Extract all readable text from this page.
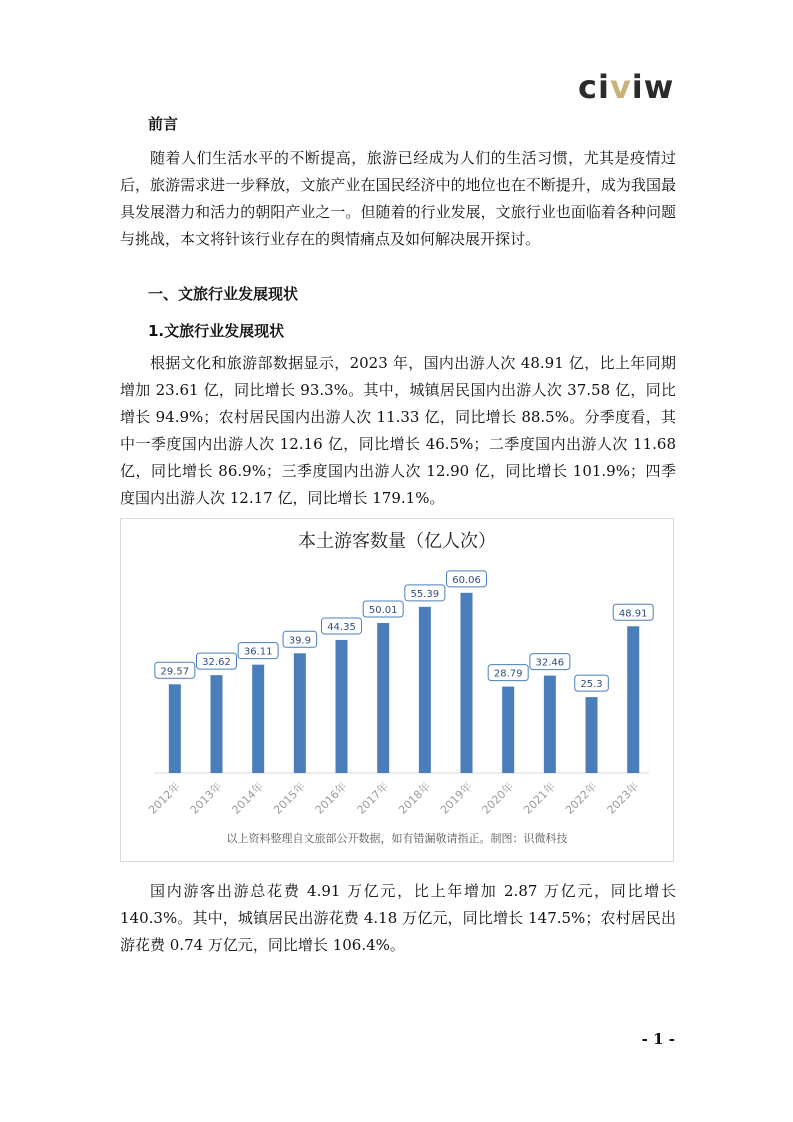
civiw
前言
随着人们生活水平的不断提高，旅游已经成为人们的生活习惯，尤其是疫情过后，旅游需求进一步释放，文旅产业在国民经济中的地位也在不断提升，成为我国最具发展潜力和活力的朝阳产业之一。但随着的行业发展，文旅行业也面临着各种问题与挑战，本文将针该行业存在的舆情痛点及如何解决展开探讨。
一、文旅行业发展现状
1.文旅行业发展现状
根据文化和旅游部数据显示，2023 年，国内出游人次 48.91 亿，比上年同期增加 23.61 亿，同比增长 93.3%。其中，城镇居民国内出游人次 37.58 亿，同比增长 94.9%；农村居民国内出游人次 11.33 亿，同比增长 88.5%。分季度看，其中一季度国内出游人次 12.16 亿，同比增长 46.5%；二季度国内出游人次 11.68 亿，同比增长 86.9%；三季度国内出游人次 12.90 亿，同比增长 101.9%；四季度国内出游人次 12.17 亿，同比增长 179.1%。
本土游客数量（亿人次）
29.57
2012年
32.62
2013年
36.11
2014年
39.9
2015年
44.35
2016年
50.01
2017年
55.39
2018年
60.06
2019年
28.79
2020年
32.46
2021年
25.3
2022年
48.91
2023年
以上资料整理自文旅部公开数据，如有错漏敬请指正。制图：识微科技
国内游客出游总花费 4.91 万亿元，比上年增加 2.87 万亿元，同比增长 140.3%。其中，城镇居民出游花费 4.18 万亿元，同比增长 147.5%；农村居民出游花费 0.74 万亿元，同比增长 106.4%。
- 1 -
